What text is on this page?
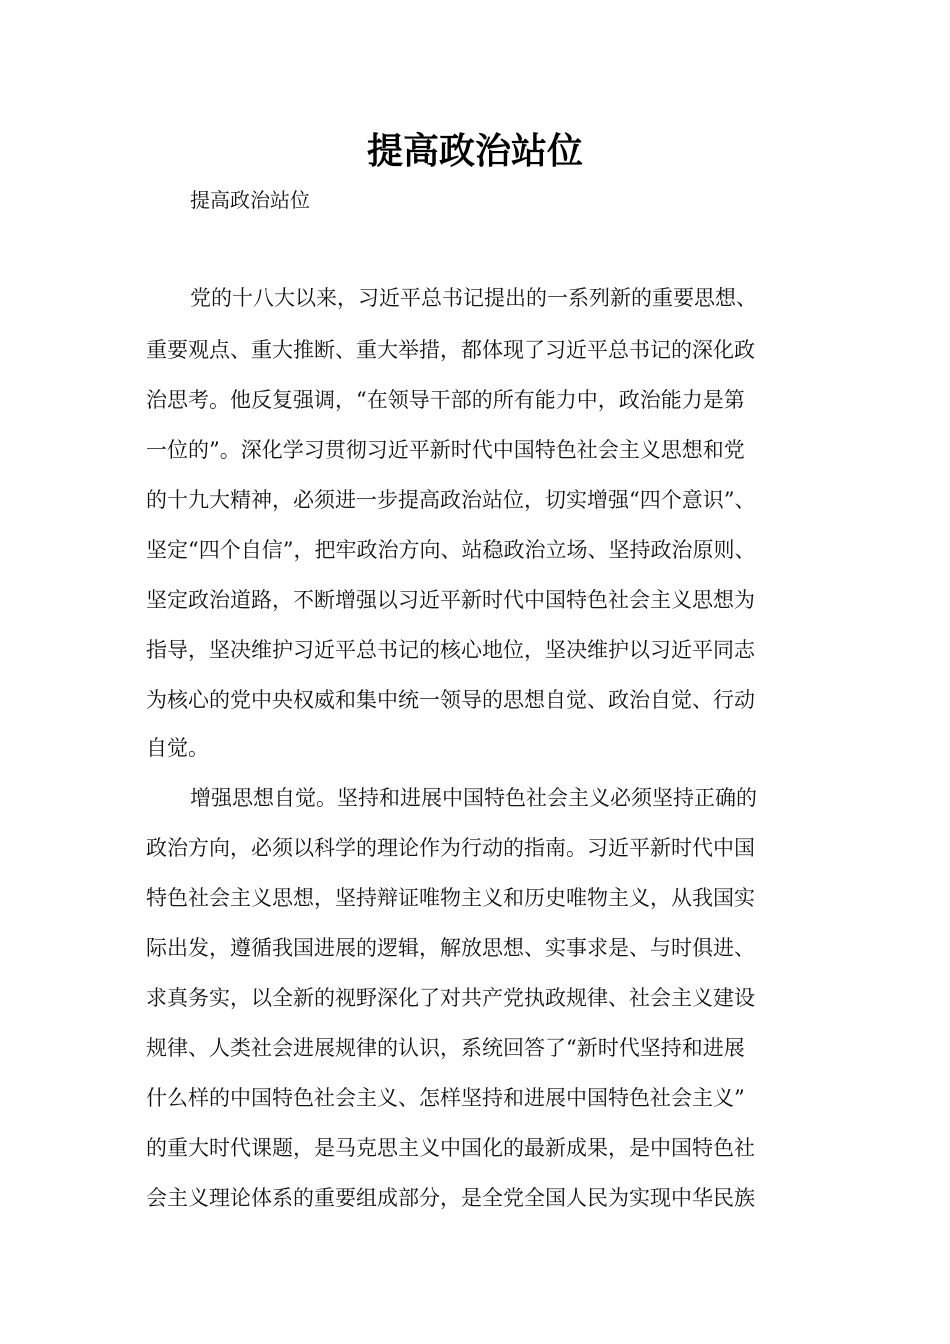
提高政治站位

提高政治站位

党的十八大以来，习近平总书记提出的一系列新的重要思想、

重要观点、重大推断、重大举措，都体现了习近平总书记的深化政

治思考。他反复强调，“在领导干部的所有能力中，政治能力是第

一位的”。深化学习贯彻习近平新时代中国特色社会主义思想和党

的十九大精神，必须进一步提高政治站位，切实增强“四个意识”、

坚定“四个自信”，把牢政治方向、站稳政治立场、坚持政治原则、

坚定政治道路，不断增强以习近平新时代中国特色社会主义思想为

指导，坚决维护习近平总书记的核心地位，坚决维护以习近平同志

为核心的党中央权威和集中统一领导的思想自觉、政治自觉、行动

自觉。

增强思想自觉。坚持和进展中国特色社会主义必须坚持正确的

政治方向，必须以科学的理论作为行动的指南。习近平新时代中国

特色社会主义思想，坚持辩证唯物主义和历史唯物主义，从我国实

际出发，遵循我国进展的逻辑，解放思想、实事求是、与时俱进、

求真务实，以全新的视野深化了对共产党执政规律、社会主义建设

规律、人类社会进展规律的认识，系统回答了“新时代坚持和进展

什么样的中国特色社会主义、怎样坚持和进展中国特色社会主义”

的重大时代课题，是马克思主义中国化的最新成果，是中国特色社

会主义理论体系的重要组成部分，是全党全国人民为实现中华民族
